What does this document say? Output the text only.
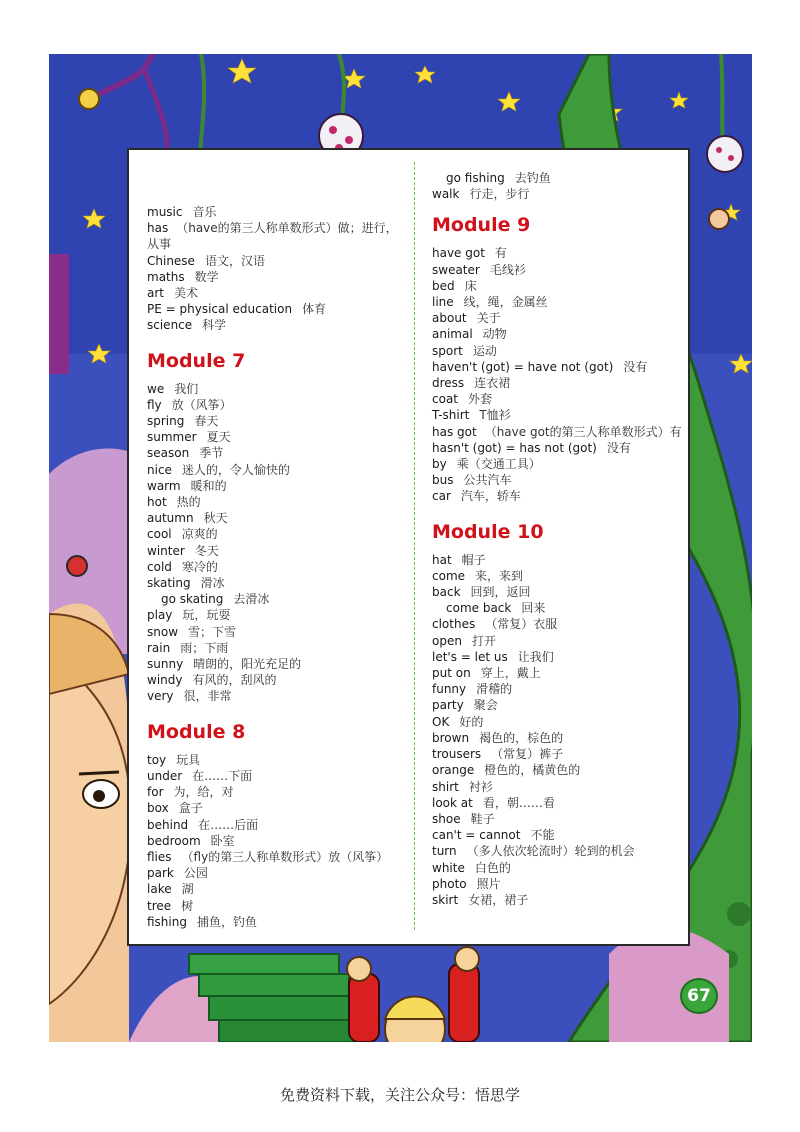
music 音乐
has （have的第三人称单数形式）做；进行，从事
Chinese 语文，汉语
maths 数学
art 美术
PE = physical education 体育
science 科学
Module 7
we 我们
fly 放（风筝）
spring 春天
summer 夏天
season 季节
nice 迷人的，令人愉快的
warm 暖和的
hot 热的
autumn 秋天
cool 凉爽的
winter 冬天
cold 寒冷的
skating 滑冰
go skating 去滑冰
play 玩，玩耍
snow 雪；下雪
rain 雨；下雨
sunny 晴朗的，阳光充足的
windy 有风的，刮风的
very 很，非常
Module 8
toy 玩具
under 在……下面
for 为，给，对
box 盒子
behind 在……后面
bedroom 卧室
flies （fly的第三人称单数形式）放（风筝）
park 公园
lake 湖
tree 树
fishing 捕鱼，钓鱼
go fishing 去钓鱼
walk 行走，步行
Module 9
have got 有
sweater 毛线衫
bed 床
line 线，绳，金属丝
about 关于
animal 动物
sport 运动
haven't (got) = have not (got) 没有
dress 连衣裙
coat 外套
T-shirt T恤衫
has got （have got的第三人称单数形式）有
hasn't (got) = has not (got) 没有
by 乘（交通工具）
bus 公共汽车
car 汽车，轿车
Module 10
hat 帽子
come 来，来到
back 回到，返回
come back 回来
clothes （常复）衣服
open 打开
let's = let us 让我们
put on 穿上，戴上
funny 滑稽的
party 聚会
OK 好的
brown 褐色的，棕色的
trousers （常复）裤子
orange 橙色的，橘黄色的
shirt 衬衫
look at 看，朝……看
shoe 鞋子
can't = cannot 不能
turn （多人依次轮流时）轮到的机会
white 白色的
photo 照片
skirt 女裙，裙子
67
免费资料下载，关注公众号：悟思学
